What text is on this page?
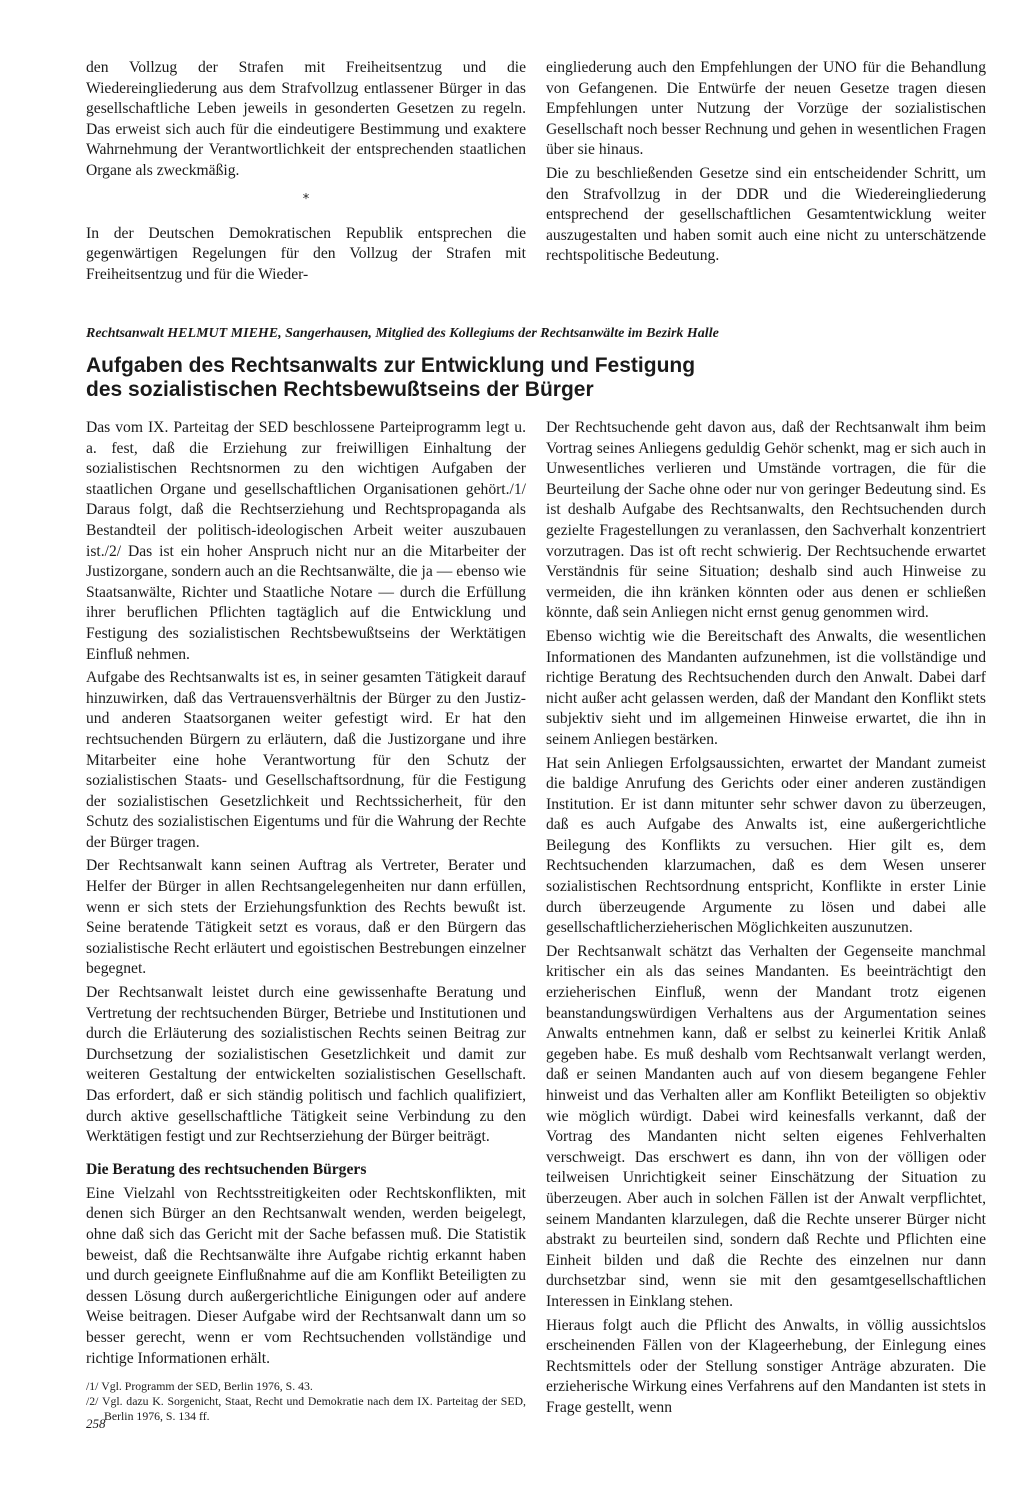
den Vollzug der Strafen mit Freiheitsentzug und die Wiedereingliederung aus dem Strafvollzug entlassener Bürger in das gesellschaftliche Leben jeweils in gesonderten Gesetzen zu regeln. Das erweist sich auch für die eindeutigere Bestimmung und exaktere Wahrnehmung der Verantwortlichkeit der entsprechenden staatlichen Organe als zweckmäßig.

*

In der Deutschen Demokratischen Republik entsprechen die gegenwärtigen Regelungen für den Vollzug der Strafen mit Freiheitsentzug und für die Wieder-

eingliederung auch den Empfehlungen der UNO für die Behandlung von Gefangenen. Die Entwürfe der neuen Gesetze tragen diesen Empfehlungen unter Nutzung der Vorzüge der sozialistischen Gesellschaft noch besser Rechnung und gehen in wesentlichen Fragen über sie hinaus.

Die zu beschließenden Gesetze sind ein entscheidender Schritt, um den Strafvollzug in der DDR und die Wiedereingliederung entsprechend der gesellschaftlichen Gesamtentwicklung weiter auszugestalten und haben somit auch eine nicht zu unterschätzende rechtspolitische Bedeutung.

Rechtsanwalt HELMUT MIEHE, Sangerhausen, Mitglied des Kollegiums der Rechtsanwälte im Bezirk Halle
Aufgaben des Rechtsanwalts zur Entwicklung und Festigung
des sozialistischen Rechtsbewußtseins der Bürger

Das vom IX. Parteitag der SED beschlossene Parteiprogramm legt u. a. fest, daß die Erziehung zur freiwilligen Einhaltung der sozialistischen Rechtsnormen zu den wichtigen Aufgaben der staatlichen Organe und gesellschaftlichen Organisationen gehört./1/ Daraus folgt, daß die Rechtserziehung und Rechtspropaganda als Bestandteil der politisch-ideologischen Arbeit weiter auszubauen ist./2/ Das ist ein hoher Anspruch nicht nur an die Mitarbeiter der Justizorgane, sondern auch an die Rechtsanwälte, die ja — ebenso wie Staatsanwälte, Richter und Staatliche Notare — durch die Erfüllung ihrer beruflichen Pflichten tagtäglich auf die Entwicklung und Festigung des sozialistischen Rechtsbewußtseins der Werktätigen Einfluß nehmen.

Aufgabe des Rechtsanwalts ist es, in seiner gesamten Tätigkeit darauf hinzuwirken, daß das Vertrauensverhältnis der Bürger zu den Justiz- und anderen Staatsorganen weiter gefestigt wird. Er hat den rechtsuchenden Bürgern zu erläutern, daß die Justizorgane und ihre Mitarbeiter eine hohe Verantwortung für den Schutz der sozialistischen Staats- und Gesellschaftsordnung, für die Festigung der sozialistischen Gesetzlichkeit und Rechtssicherheit, für den Schutz des sozialistischen Eigentums und für die Wahrung der Rechte der Bürger tragen.

Der Rechtsanwalt kann seinen Auftrag als Vertreter, Berater und Helfer der Bürger in allen Rechtsangelegenheiten nur dann erfüllen, wenn er sich stets der Erziehungsfunktion des Rechts bewußt ist. Seine beratende Tätigkeit setzt es voraus, daß er den Bürgern das sozialistische Recht erläutert und egoistischen Bestrebungen einzelner begegnet.

Der Rechtsanwalt leistet durch eine gewissenhafte Beratung und Vertretung der rechtsuchenden Bürger, Betriebe und Institutionen und durch die Erläuterung des sozialistischen Rechts seinen Beitrag zur Durchsetzung der sozialistischen Gesetzlichkeit und damit zur weiteren Gestaltung der entwickelten sozialistischen Gesellschaft. Das erfordert, daß er sich ständig politisch und fachlich qualifiziert, durch aktive gesellschaftliche Tätigkeit seine Verbindung zu den Werktätigen festigt und zur Rechtserziehung der Bürger beiträgt.

Die Beratung des rechtsuchenden Bürgers

Eine Vielzahl von Rechtsstreitigkeiten oder Rechtskonflikten, mit denen sich Bürger an den Rechtsanwalt wenden, werden beigelegt, ohne daß sich das Gericht mit der Sache befassen muß. Die Statistik beweist, daß die Rechtsanwälte ihre Aufgabe richtig erkannt haben und durch geeignete Einflußnahme auf die am Konflikt Beteiligten zu dessen Lösung durch außergerichtliche Einigungen oder auf andere Weise beitragen. Dieser Aufgabe wird der Rechtsanwalt dann um so besser gerecht, wenn er vom Rechtsuchenden vollständige und richtige Informationen erhält.

/1/ Vgl. Programm der SED, Berlin 1976, S. 43.
/2/ Vgl. dazu K. Sorgenicht, Staat, Recht und Demokratie nach dem IX. Parteitag der SED, Berlin 1976, S. 134 ff.

Der Rechtsuchende geht davon aus, daß der Rechtsanwalt ihm beim Vortrag seines Anliegens geduldig Gehör schenkt, mag er sich auch in Unwesentliches verlieren und Umstände vortragen, die für die Beurteilung der Sache ohne oder nur von geringer Bedeutung sind. Es ist deshalb Aufgabe des Rechtsanwalts, den Rechtsuchenden durch gezielte Fragestellungen zu veranlassen, den Sachverhalt konzentriert vorzutragen. Das ist oft recht schwierig. Der Rechtsuchende erwartet Verständnis für seine Situation; deshalb sind auch Hinweise zu vermeiden, die ihn kränken könnten oder aus denen er schließen könnte, daß sein Anliegen nicht ernst genug genommen wird.

Ebenso wichtig wie die Bereitschaft des Anwalts, die wesentlichen Informationen des Mandanten aufzunehmen, ist die vollständige und richtige Beratung des Rechtsuchenden durch den Anwalt. Dabei darf nicht außer acht gelassen werden, daß der Mandant den Konflikt stets subjektiv sieht und im allgemeinen Hinweise erwartet, die ihn in seinem Anliegen bestärken.

Hat sein Anliegen Erfolgsaussichten, erwartet der Mandant zumeist die baldige Anrufung des Gerichts oder einer anderen zuständigen Institution. Er ist dann mitunter sehr schwer davon zu überzeugen, daß es auch Aufgabe des Anwalts ist, eine außergerichtliche Beilegung des Konflikts zu versuchen. Hier gilt es, dem Rechtsuchenden klarzumachen, daß es dem Wesen unserer sozialistischen Rechtsordnung entspricht, Konflikte in erster Linie durch überzeugende Argumente zu lösen und dabei alle gesellschaftlicherzieherischen Möglichkeiten auszunutzen.

Der Rechtsanwalt schätzt das Verhalten der Gegenseite manchmal kritischer ein als das seines Mandanten. Es beeinträchtigt den erzieherischen Einfluß, wenn der Mandant trotz eigenen beanstandungswürdigen Verhaltens aus der Argumentation seines Anwalts entnehmen kann, daß er selbst zu keinerlei Kritik Anlaß gegeben habe. Es muß deshalb vom Rechtsanwalt verlangt werden, daß er seinen Mandanten auch auf von diesem begangene Fehler hinweist und das Verhalten aller am Konflikt Beteiligten so objektiv wie möglich würdigt. Dabei wird keinesfalls verkannt, daß der Vortrag des Mandanten nicht selten eigenes Fehlverhalten verschweigt. Das erschwert es dann, ihn von der völligen oder teilweisen Unrichtigkeit seiner Einschätzung der Situation zu überzeugen. Aber auch in solchen Fällen ist der Anwalt verpflichtet, seinem Mandanten klarzulegen, daß die Rechte unserer Bürger nicht abstrakt zu beurteilen sind, sondern daß Rechte und Pflichten eine Einheit bilden und daß die Rechte des einzelnen nur dann durchsetzbar sind, wenn sie mit den gesamtgesellschaftlichen Interessen in Einklang stehen.

Hieraus folgt auch die Pflicht des Anwalts, in völlig aussichtslos erscheinenden Fällen von der Klageerhebung, der Einlegung eines Rechtsmittels oder der Stellung sonstiger Anträge abzuraten. Die erzieherische Wirkung eines Verfahrens auf den Mandanten ist stets in Frage gestellt, wenn

258
